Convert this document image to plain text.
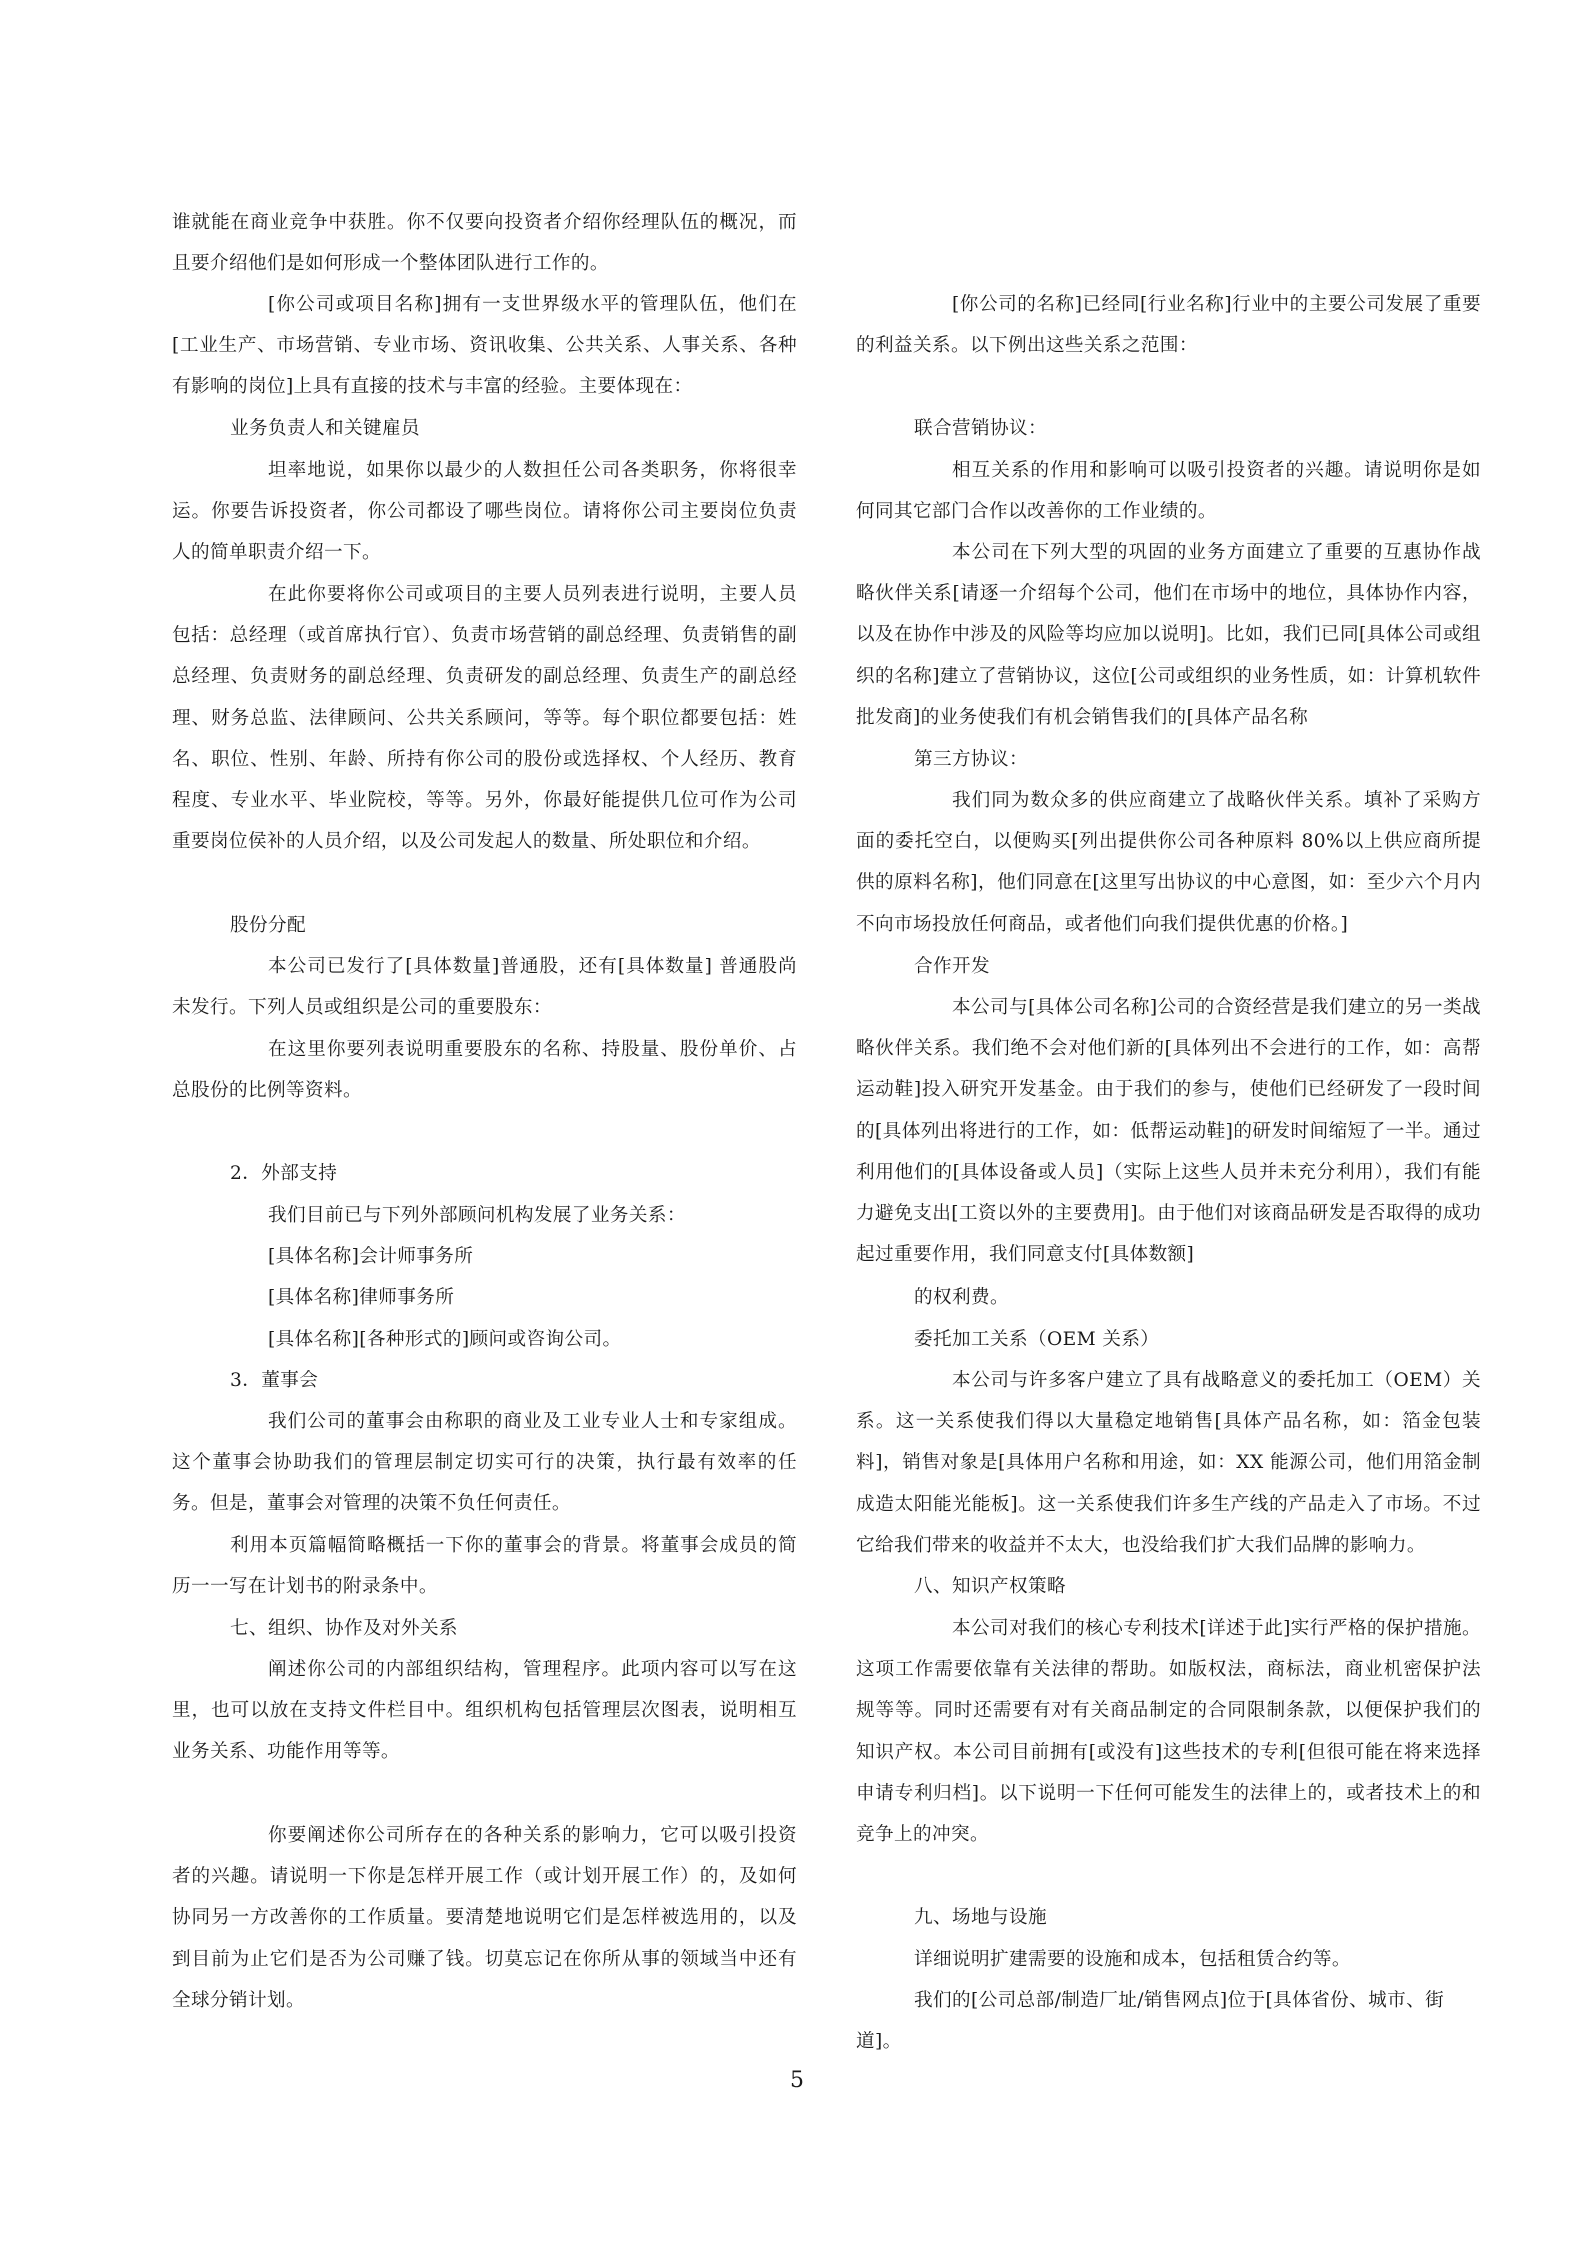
谁就能在商业竞争中获胜。你不仅要向投资者介绍你经理队伍的概况，而且要介绍他们是如何形成一个整体团队进行工作的。

[你公司或项目名称]拥有一支世界级水平的管理队伍，他们在[工业生产、市场营销、专业市场、资讯收集、公共关系、人事关系、各种有影响的岗位]上具有直接的技术与丰富的经验。主要体现在：

业务负责人和关键雇员

坦率地说，如果你以最少的人数担任公司各类职务，你将很幸运。你要告诉投资者，你公司都设了哪些岗位。请将你公司主要岗位负责人的简单职责介绍一下。

在此你要将你公司或项目的主要人员列表进行说明，主要人员包括：总经理（或首席执行官）、负责市场营销的副总经理、负责销售的副总经理、负责财务的副总经理、负责研发的副总经理、负责生产的副总经理、财务总监、法律顾问、公共关系顾问，等等。每个职位都要包括：姓名、职位、性别、年龄、所持有你公司的股份或选择权、个人经历、教育程度、专业水平、毕业院校，等等。另外，你最好能提供几位可作为公司重要岗位侯补的人员介绍，以及公司发起人的数量、所处职位和介绍。

股份分配

本公司已发行了[具体数量]普通股，还有[具体数量] 普通股尚未发行。下列人员或组织是公司的重要股东：

在这里你要列表说明重要股东的名称、持股量、股份单价、占总股份的比例等资料。

2．外部支持

我们目前已与下列外部顾问机构发展了业务关系：

[具体名称]会计师事务所

[具体名称]律师事务所

[具体名称][各种形式的]顾问或咨询公司。

3．董事会

我们公司的董事会由称职的商业及工业专业人士和专家组成。这个董事会协助我们的管理层制定切实可行的决策，执行最有效率的任务。但是，董事会对管理的决策不负任何责任。

利用本页篇幅简略概括一下你的董事会的背景。将董事会成员的简历一一写在计划书的附录条中。

七、组织、协作及对外关系

阐述你公司的内部组织结构，管理程序。此项内容可以写在这里，也可以放在支持文件栏目中。组织机构包括管理层次图表，说明相互业务关系、功能作用等等。

你要阐述你公司所存在的各种关系的影响力，它可以吸引投资者的兴趣。请说明一下你是怎样开展工作（或计划开展工作）的，及如何协同另一方改善你的工作质量。要清楚地说明它们是怎样被选用的，以及到目前为止它们是否为公司赚了钱。切莫忘记在你所从事的领域当中还有全球分销计划。

[你公司的名称]已经同[行业名称]行业中的主要公司发展了重要的利益关系。以下例出这些关系之范围：

联合营销协议：

相互关系的作用和影响可以吸引投资者的兴趣。请说明你是如何同其它部门合作以改善你的工作业绩的。

本公司在下列大型的巩固的业务方面建立了重要的互惠协作战略伙伴关系[请逐一介绍每个公司，他们在市场中的地位，具体协作内容，以及在协作中涉及的风险等均应加以说明]。比如，我们已同[具体公司或组织的名称]建立了营销协议，这位[公司或组织的业务性质，如：计算机软件批发商]的业务使我们有机会销售我们的[具体产品名称

第三方协议：

我们同为数众多的供应商建立了战略伙伴关系。填补了采购方面的委托空白，以便购买[列出提供你公司各种原料 80%以上供应商所提供的原料名称]，他们同意在[这里写出协议的中心意图，如：至少六个月内不向市场投放任何商品，或者他们向我们提供优惠的价格。]

合作开发

本公司与[具体公司名称]公司的合资经营是我们建立的另一类战略伙伴关系。我们绝不会对他们新的[具体列出不会进行的工作，如：高帮运动鞋]投入研究开发基金。由于我们的参与，使他们已经研发了一段时间的[具体列出将进行的工作，如：低帮运动鞋]的研发时间缩短了一半。通过利用他们的[具体设备或人员]（实际上这些人员并未充分利用），我们有能力避免支出[工资以外的主要费用]。由于他们对该商品研发是否取得的成功起过重要作用，我们同意支付[具体数额]

的权利费。

委托加工关系（OEM 关系）

本公司与许多客户建立了具有战略意义的委托加工（OEM）关系。这一关系使我们得以大量稳定地销售[具体产品名称，如：箔金包装料]，销售对象是[具体用户名称和用途，如：XX 能源公司，他们用箔金制成造太阳能光能板]。这一关系使我们许多生产线的产品走入了市场。不过它给我们带来的收益并不太大，也没给我们扩大我们品牌的影响力。

八、知识产权策略

本公司对我们的核心专利技术[详述于此]实行严格的保护措施。这项工作需要依靠有关法律的帮助。如版权法，商标法，商业机密保护法规等等。同时还需要有对有关商品制定的合同限制条款，以便保护我们的知识产权。本公司目前拥有[或没有]这些技术的专利[但很可能在将来选择申请专利归档]。以下说明一下任何可能发生的法律上的，或者技术上的和竞争上的冲突。

九、场地与设施

详细说明扩建需要的设施和成本，包括租赁合约等。

我们的[公司总部/制造厂址/销售网点]位于[具体省份、城市、街道]。

5
